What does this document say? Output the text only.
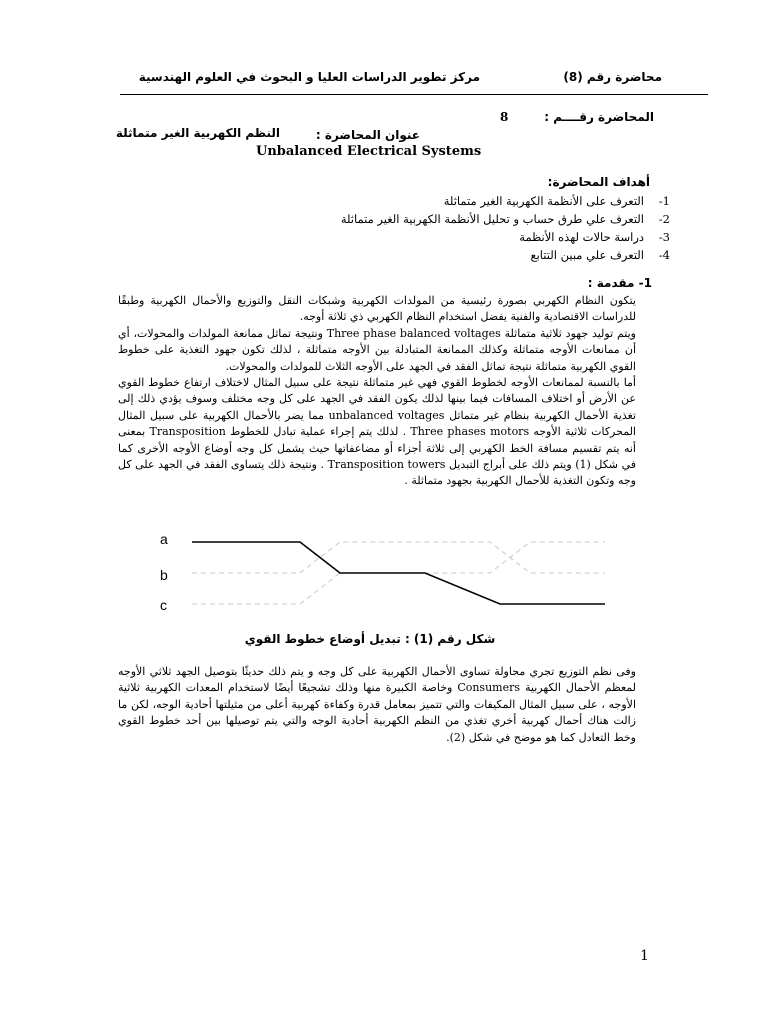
محاضرة رقم (8)
مركز تطوير الدراسات العليا و البحوث في العلوم الهندسية
المحاضرة رقــــم :
8
عنوان المحاضرة :
النظم الكهربية الغير متماثلة
Unbalanced Electrical Systems
أهداف المحاضرة:
1-التعرف على الأنظمة الكهربية الغير متماثلة
2-التعرف علي طرق حساب و تحليل الأنظمة الكهربية الغير متماثلة
3-دراسة حالات لهذه الأنظمة
4-التعرف علي مبين التتابع
1- مقدمة :

يتكون النظام الكهربي بصورة رئيسية من المولدات الكهربية وشبكات النقل والتوزيع والأحمال الكهربية وطبقًا للدراسات الاقتصادية والفنية يفضل استخدام النظام الكهربي ذي ثلاثة أوجه.

ويتم توليد جهود ثلاثية متماثلة Three phase balanced voltages ونتيجة تماثل ممانعة المولدات والمحولات، أي أن ممانعات الأوجه متماثلة وكذلك الممانعة المتبادلة بين الأوجه متماثلة ، لذلك تكون جهود التغذية على خطوط القوي الكهربية متماثلة نتيجة تماثل الفقد في الجهد على الأوجه الثلاث للمولدات والمحولات.

أما بالنسبة لممانعات الأوجه لخطوط القوي فهي غير متماثلة نتيجة على سبيل المثال لاختلاف ارتفاع خطوط القوي عن الأرض أو اختلاف المسافات فيما بينها لذلك يكون الفقد في الجهد على كل وجه مختلف وسوف يؤدي ذلك إلى تغذية الأحمال الكهربية بنظام غير متماثل unbalanced voltages مما يضر بالأحمال الكهربية على سبيل المثال المحركات ثلاثية الأوجه Three phases motors . لذلك يتم إجراء عملية تبادل للخطوط Transposition بمعنى أنه يتم تقسيم مسافة الخط الكهربي إلى ثلاثة أجزاء أو مضاعفاتها حيث يشمل كل وجه أوضاع الأوجه الأخرى كما في شكل (1) ويتم ذلك على أبراج التبديل Transposition towers . ونتيجة ذلك يتساوى الفقد في الجهد على كل وجه وتكون التغذية للأحمال الكهربية بجهود متماثلة .

a
b
c
شكل رقم (1) : تبديل أوضاع خطوط القوي

وفى نظم التوزيع تجري محاولة تساوى الأحمال الكهربية على كل وجه و يتم ذلك حديثًا بتوصيل الجهد ثلاثي الأوجه لمعظم الأحمال الكهربية Consumers وخاصة الكبيرة منها وذلك تشجيعًا أيضًا لاستخدام المعدات الكهربية ثلاثية الأوجه ، على سبيل المثال المكيفات والتي تتميز بمعامل قدرة وكفاءة كهربية أعلى من مثيلتها أحادية الوجه، لكن ما زالت هناك أحمال كهربية أخري تغذي من النظم الكهربية أحادية الوجه والتي يتم توصيلها بين أحد خطوط القوي وخط التعادل كما هو موضح في شكل (2).

1
